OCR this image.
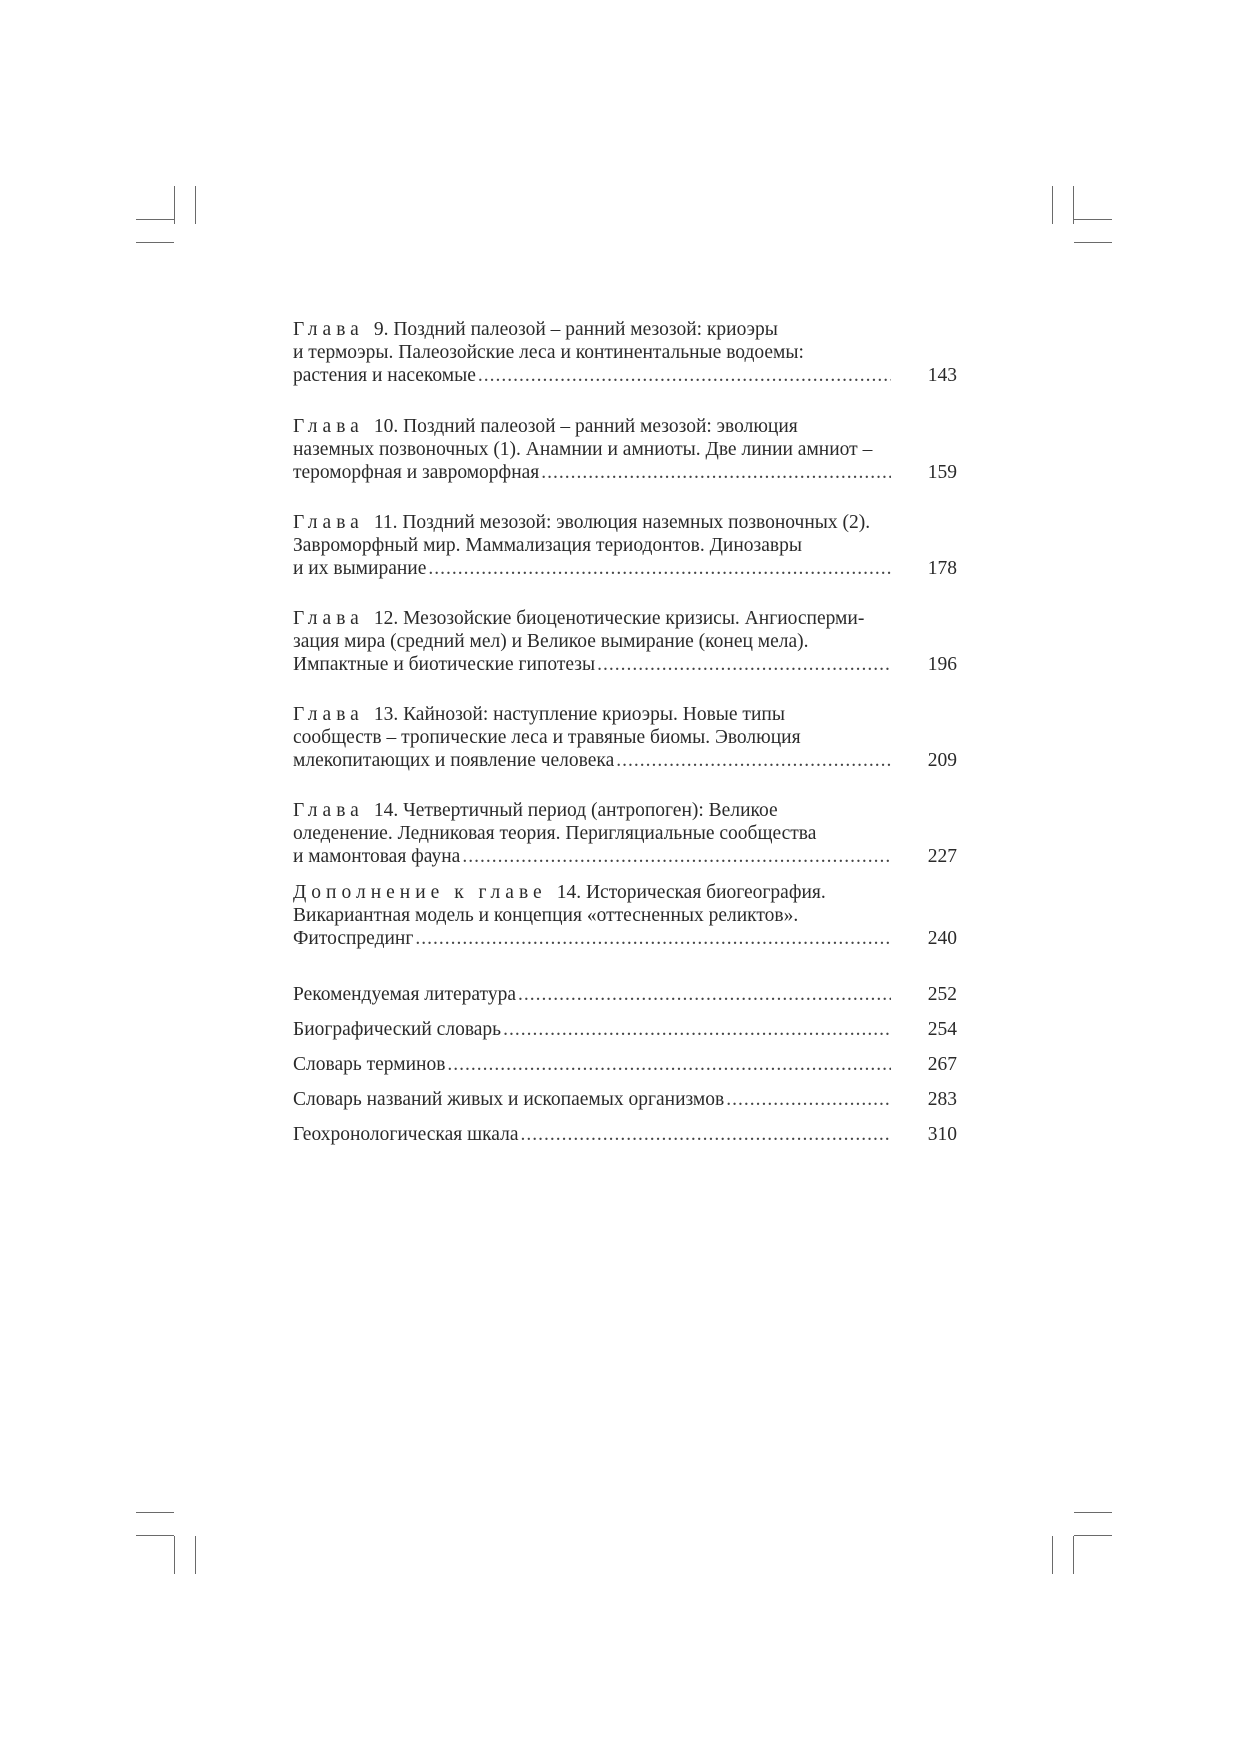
Глава 9. Поздний палеозой – ранний мезозой: криоэры
и термоэры. Палеозойские леса и континентальные водоемы:
растения и насекомые .....	143
Глава 10. Поздний палеозой – ранний мезозой: эволюция
наземных позвоночных (1). Анамнии и амниоты. Две линии амниот –
тероморфная и завроморфная .....	159
Глава 11. Поздний мезозой: эволюция наземных позвоночных (2).
Завроморфный мир. Маммализация териодонтов. Динозавры
и их вымирание .....	178
Глава 12. Мезозойские биоценотические кризисы. Ангиосперми-
зация мира (средний мел) и Великое вымирание (конец мела).
Импактные и биотические гипотезы .....	196
Глава 13. Кайнозой: наступление криоэры. Новые типы
сообществ – тропические леса и травяные биомы. Эволюция
млекопитающих и появление человека .....	209
Глава 14. Четвертичный период (антропоген): Великое
оледенение. Ледниковая теория. Перигляциальные сообщества
и мамонтовая фауна .....	227
Дополнение к главе 14. Историческая биогеография.
Викариантная модель и концепция «оттесненных реликтов».
Фитоспрединг .....	240
Рекомендуемая литература .....	252
Биографический словарь .....	254
Словарь терминов .....	267
Словарь названий живых и ископаемых организмов .....	283
Геохронологическая шкала .....	310
